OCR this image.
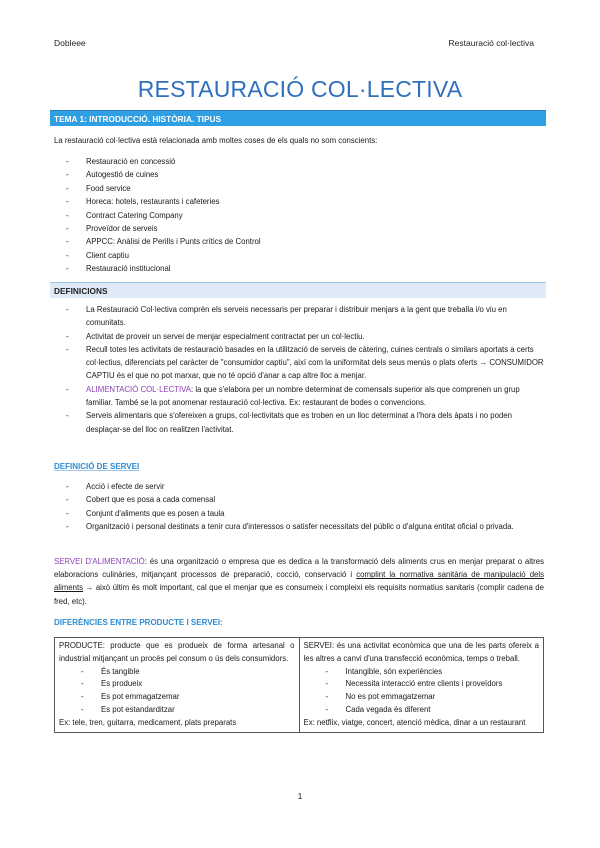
Dobleee	Restauració col·lectiva
RESTAURACIÓ COL·LECTIVA
TEMA 1: INTRODUCCIÓ. HISTÒRIA. TIPUS
La restauració col·lectiva està relacionada amb moltes coses de els quals no som conscients:
- Restauració en concessió
- Autogestió de cuines
- Food service
- Horeca: hotels, restaurants i cafeteries
- Contract Catering Company
- Proveïdor de serveis
- APPCC: Anàlisi de Perills i Punts crítics de Control
- Client captiu
- Restauració institucional
DEFINICIONS
- La Restauració Col·lectiva comprèn els serveis necessaris per preparar i distribuir menjars a la gent que treballa i/o viu en comunitats.
- Activitat de proveir un servei de menjar especialment contractat per un col·lectiu.
- Recull totes les activitats de restauració basades en la utilització de serveis de càtering, cuines centrals o similars aportats a certs col·lectius, diferenciats pel caràcter de "consumidor captiu", així com la uniformitat dels seus menús o plats oferts → CONSUMIDOR CAPTIU és el que no pot marxar, que no té opció d'anar a cap altre lloc a menjar.
- ALIMENTACIÓ COL·LECTIVA: la que s'elabora per un nombre determinat de comensals superior als que comprenen un grup familiar. També se la pot anomenar restauració col·lectiva. Ex: restaurant de bodes o convencions.
- Serveis alimentaris que s'ofereixen a grups, col·lectivitats que es troben en un lloc determinat a l'hora dels àpats i no poden desplaçar-se del lloc on realitzen l'activitat.
DEFINICIÓ DE SERVEI
- Acció i efecte de servir
- Cobert que es posa a cada comensal
- Conjunt d'aliments que es posen a taula
- Organització i personal destinats a tenir cura d'interessos o satisfer necessitats del públic o d'alguna entitat oficial o privada.
SERVEI D'ALIMENTACIÓ: és una organització o empresa que es dedica a la transformació dels aliments crus en menjar preparat o altres elaboracions culinàries, mitjançant processos de preparació, cocció, conservació i complint la normativa sanitària de manipulació dels aliments → això últim és molt important, cal que el menjar que es consumeix i compleixi els requisits normatius sanitaris (complir cadena de fred, etc).
DIFERÈNCIES ENTRE PRODUCTE I SERVEI:
PRODUCTE: producte que es produeix de forma artesanal o industrial mitjançant un procés pel consum o ús dels consumidors.
- És tangible
- Es produeix
- Es pot emmagatzemar
- Es pot estandarditzar
Ex: tele, tren, guitarra, medicament, plats preparats

SERVEI: és una activitat econòmica que una de les parts ofereix a les altres a canvi d'una transfecció econòmica, temps o treball.
- Intangible, són experiències
- Necessita interacció entre clients i proveïdors
- No es pot emmagatzemar
- Cada vegada és diferent
Ex: netflix, viatge, concert, atenció mèdica, dinar a un restaurant
1
